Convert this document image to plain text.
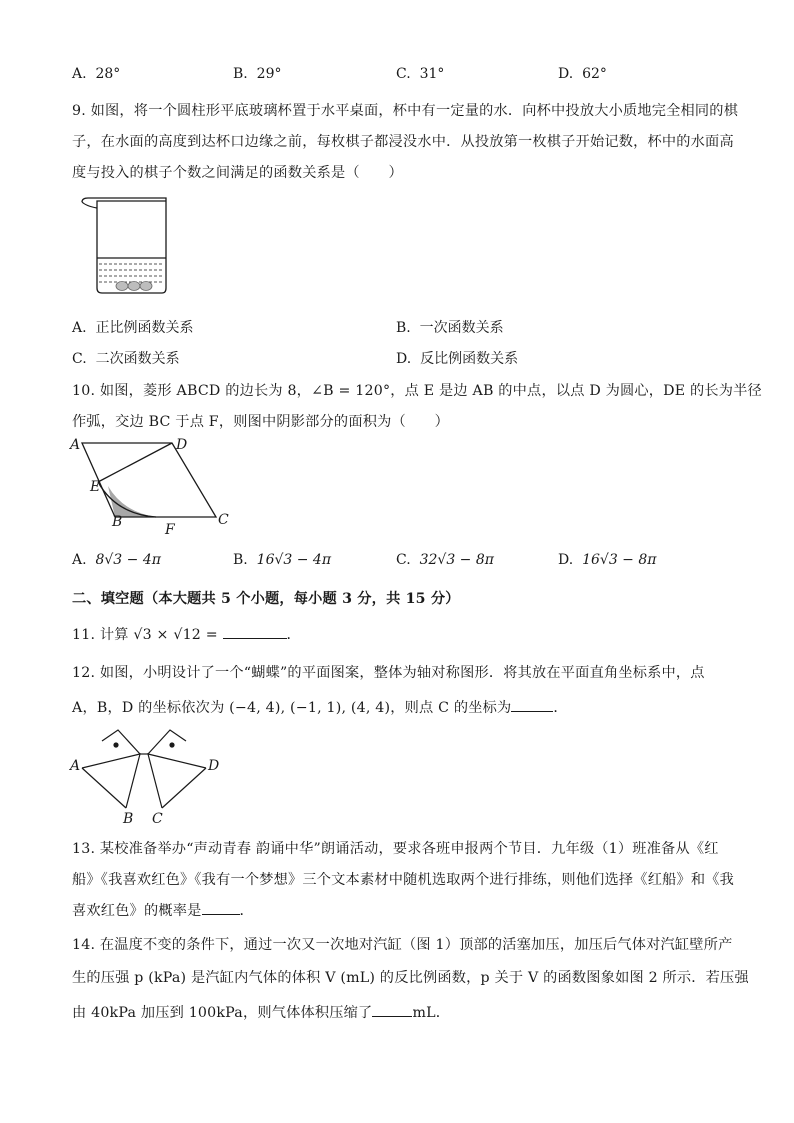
A. 28°	B. 29°	C. 31°	D. 62°
9. 如图，将一个圆柱形平底玻璃杯置于水平桌面，杯中有一定量的水．向杯中投放大小质地完全相同的棋
子，在水面的高度到达杯口边缘之前，每枚棋子都浸没水中．从投放第一枚棋子开始记数，杯中的水面高
度与投入的棋子个数之间满足的函数关系是（　　）
A. 正比例函数关系	B. 一次函数关系
C. 二次函数关系	D. 反比例函数关系
10. 如图，菱形 ABCD 的边长为 8，∠B = 120°，点 E 是边 AB 的中点，以点 D 为圆心，DE 的长为半径
作弧，交边 BC 于点 F，则图中阴影部分的面积为（　　）
A	D
E
B	F
C
A. 8√3 − 4π	B. 16√3 − 4π	C. 32√3 − 8π	D. 16√3 − 8π
二、填空题（本大题共 5 个小题，每小题 3 分，共 15 分）
11. 计算 √3 × √12 =	．
12. 如图，小明设计了一个“蝴蝶”的平面图案，整体为轴对称图形．将其放在平面直角坐标系中，点
A，B，D 的坐标依次为 (−4, 4), (−1, 1), (4, 4)，则点 C 的坐标为	．
A	D
B C
13. 某校准备举办“声动青春 韵诵中华”朗诵活动，要求各班申报两个节目．九年级（1）班准备从《红
船》《我喜欢红色》《我有一个梦想》三个文本素材中随机选取两个进行排练，则他们选择《红船》和《我
喜欢红色》的概率是	．
14. 在温度不变的条件下，通过一次又一次地对汽缸（图 1）顶部的活塞加压，加压后气体对汽缸壁所产
生的压强 p (kPa) 是汽缸内气体的体积 V (mL) 的反比例函数，p 关于 V 的函数图象如图 2 所示．若压强
由 40kPa 加压到 100kPa，则气体体积压缩了	mL．
